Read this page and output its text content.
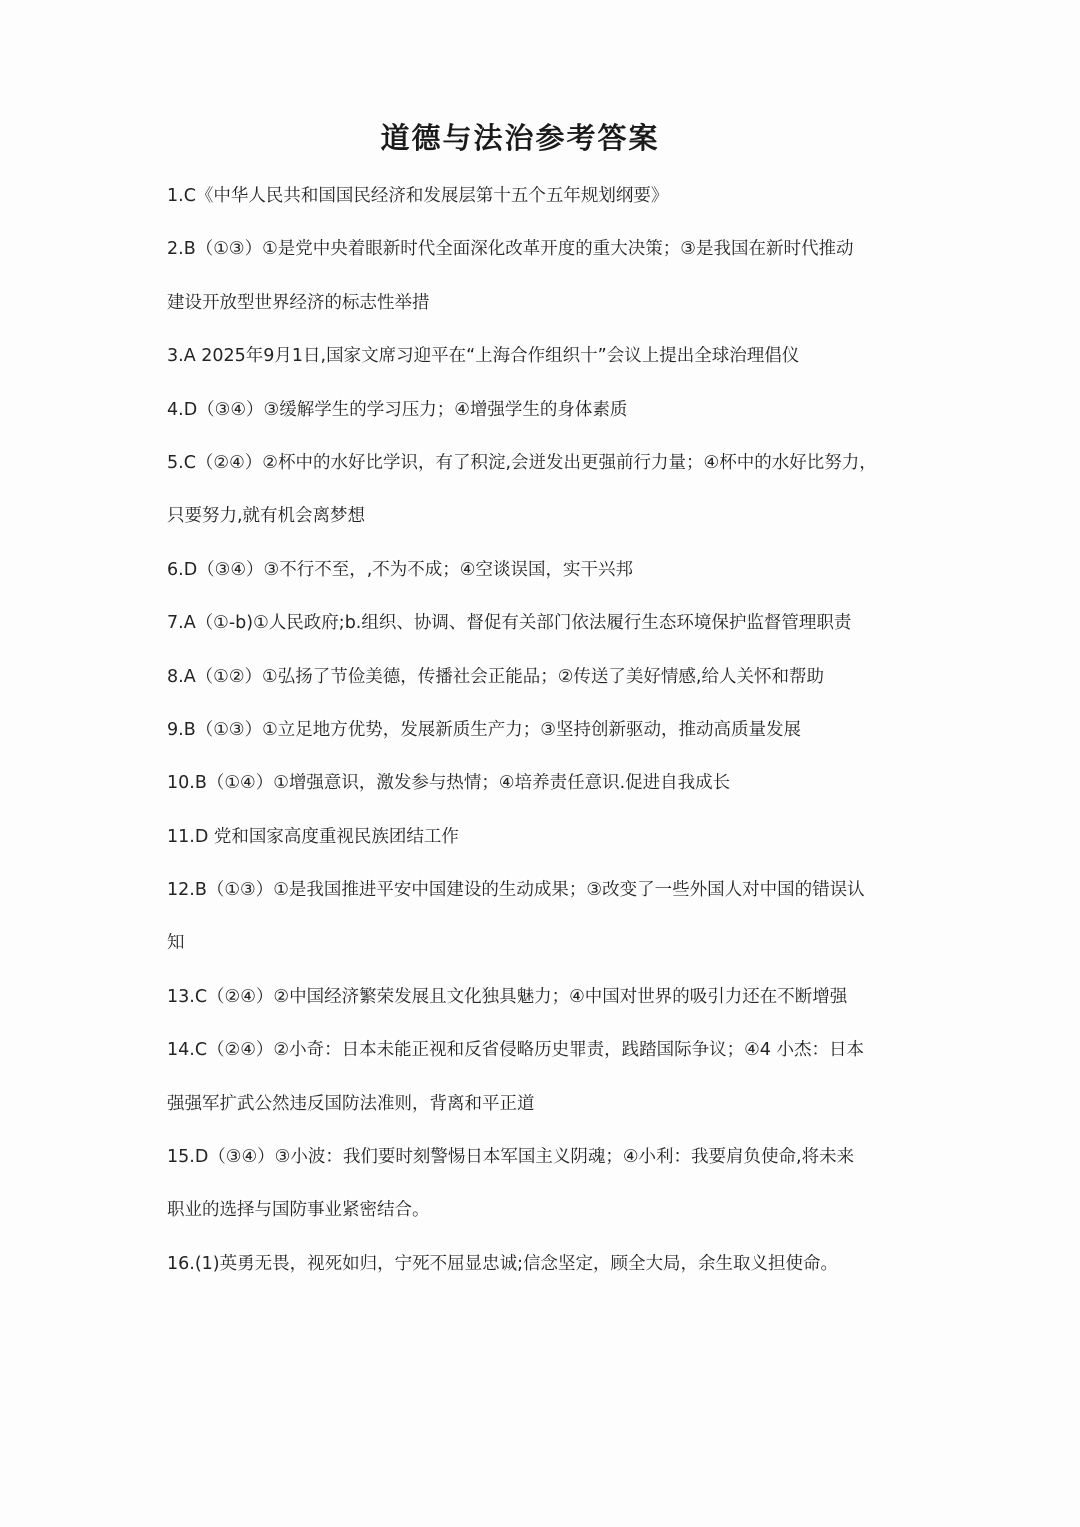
道德与法治参考答案
1.C《中华人民共和国国民经济和发展层第十五个五年规划纲要》
2.B（①③）①是党中央着眼新时代全面深化改革开度的重大决策；③是我国在新时代推动
建设开放型世界经济的标志性举措
3.A 2025年9月1日,国家文席习迎平在“上海合作组织十”会议上提出全球治理倡仪
4.D（③④）③缓解学生的学习压力；④增强学生的身体素质
5.C（②④）②杯中的水好比学识，有了积淀,会迸发出更强前行力量；④杯中的水好比努力，
只要努力,就有机会离梦想
6.D（③④）③不行不至，,不为不成；④空谈误国，实干兴邦
7.A（①-b)①人民政府;b.组织、协调、督促有关部门依法履行生态环境保护监督管理职责
8.A（①②）①弘扬了节俭美德，传播社会正能品；②传送了美好情感,给人关怀和帮助
9.B（①③）①立足地方优势，发展新质生产力；③坚持创新驱动，推动高质量发展
10.B（①④）①增强意识，激发参与热情；④培养责任意识.促进自我成长
11.D 党和国家高度重视民族团结工作
12.B（①③）①是我国推进平安中国建设的生动成果；③改变了一些外国人对中国的错误认
知
13.C（②④）②中国经济繁荣发展且文化独具魅力；④中国对世界的吸引力还在不断增强
14.C（②④）②小奇：日本未能正视和反省侵略历史罪责，践踏国际争议；④4 小杰：日本
强强军扩武公然违反国防法准则，背离和平正道
15.D（③④）③小波：我们要时刻警惕日本军国主义阴魂；④小利：我要肩负使命,将未来
职业的选择与国防事业紧密结合。
16.(1)英勇无畏，视死如归，宁死不屈显忠诚;信念坚定，顾全大局，余生取义担使命。
